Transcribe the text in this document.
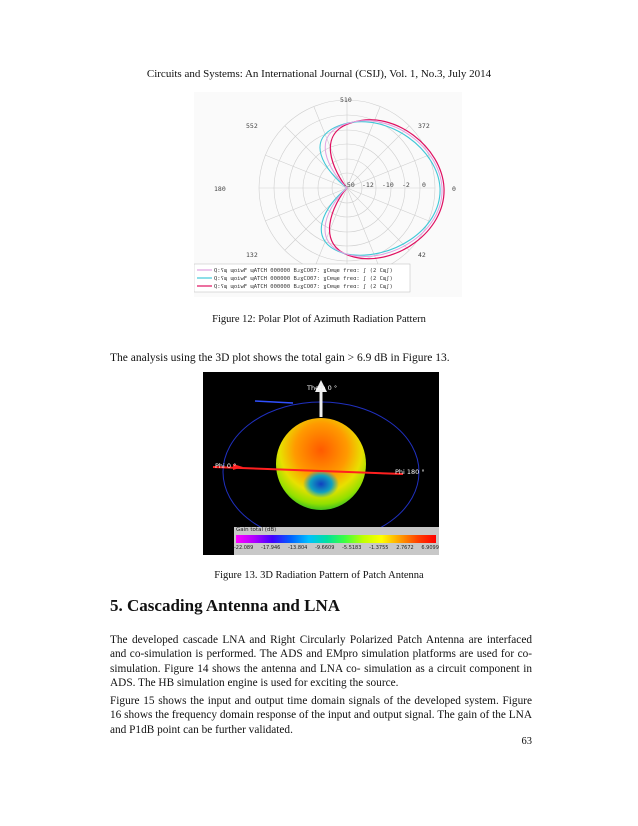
Circuits and Systems: An International Journal (CSIJ), Vol. 1, No.3, July 2014
510
552	372
180	0
132	42
-50 -12 -10 -2 0
Q:ʕɰ ɰoiwF ɰATCH 000000 BɹɣCO07: ɣCɐɰe freɑ: ʃ (2 Cɰʃ)
Q:ʕɰ ɰoiwF ɰATCH 000000 BɹɣCO07: ɣCɐɰe freɑ: ʃ (2 Cɰʃ)
Q:ʕɰ ɰoiwF ɰATCH 000000 BɹɣCO07: ɣCɐɰe freɑ: ʃ (2 Cɰʃ)
Figure 12: Polar Plot of Azimuth Radiation Pattern
The analysis using the 3D plot shows the total gain > 6.9 dB in Figure 13.
Theta 0 °
Phi 0 °
Phi 180 °
Gain total (dB)
-22.089 -17.946 -13.804 -9.6609 -5.5183 -1.3755 2.7672 6.9099
Figure 13. 3D Radiation Pattern of Patch Antenna
5. Cascading Antenna and LNA
The developed cascade LNA and Right Circularly Polarized Patch Antenna are interfaced and co-simulation is performed. The ADS and EMpro simulation platforms are used for co-simulation. Figure 14 shows the antenna and LNA co- simulation as a circuit component in ADS. The HB simulation engine is used for exciting the source.
Figure 15 shows the input and output time domain signals of the developed system. Figure 16 shows the frequency domain response of the input and output signal. The gain of the LNA and P1dB point can be further validated.
63
